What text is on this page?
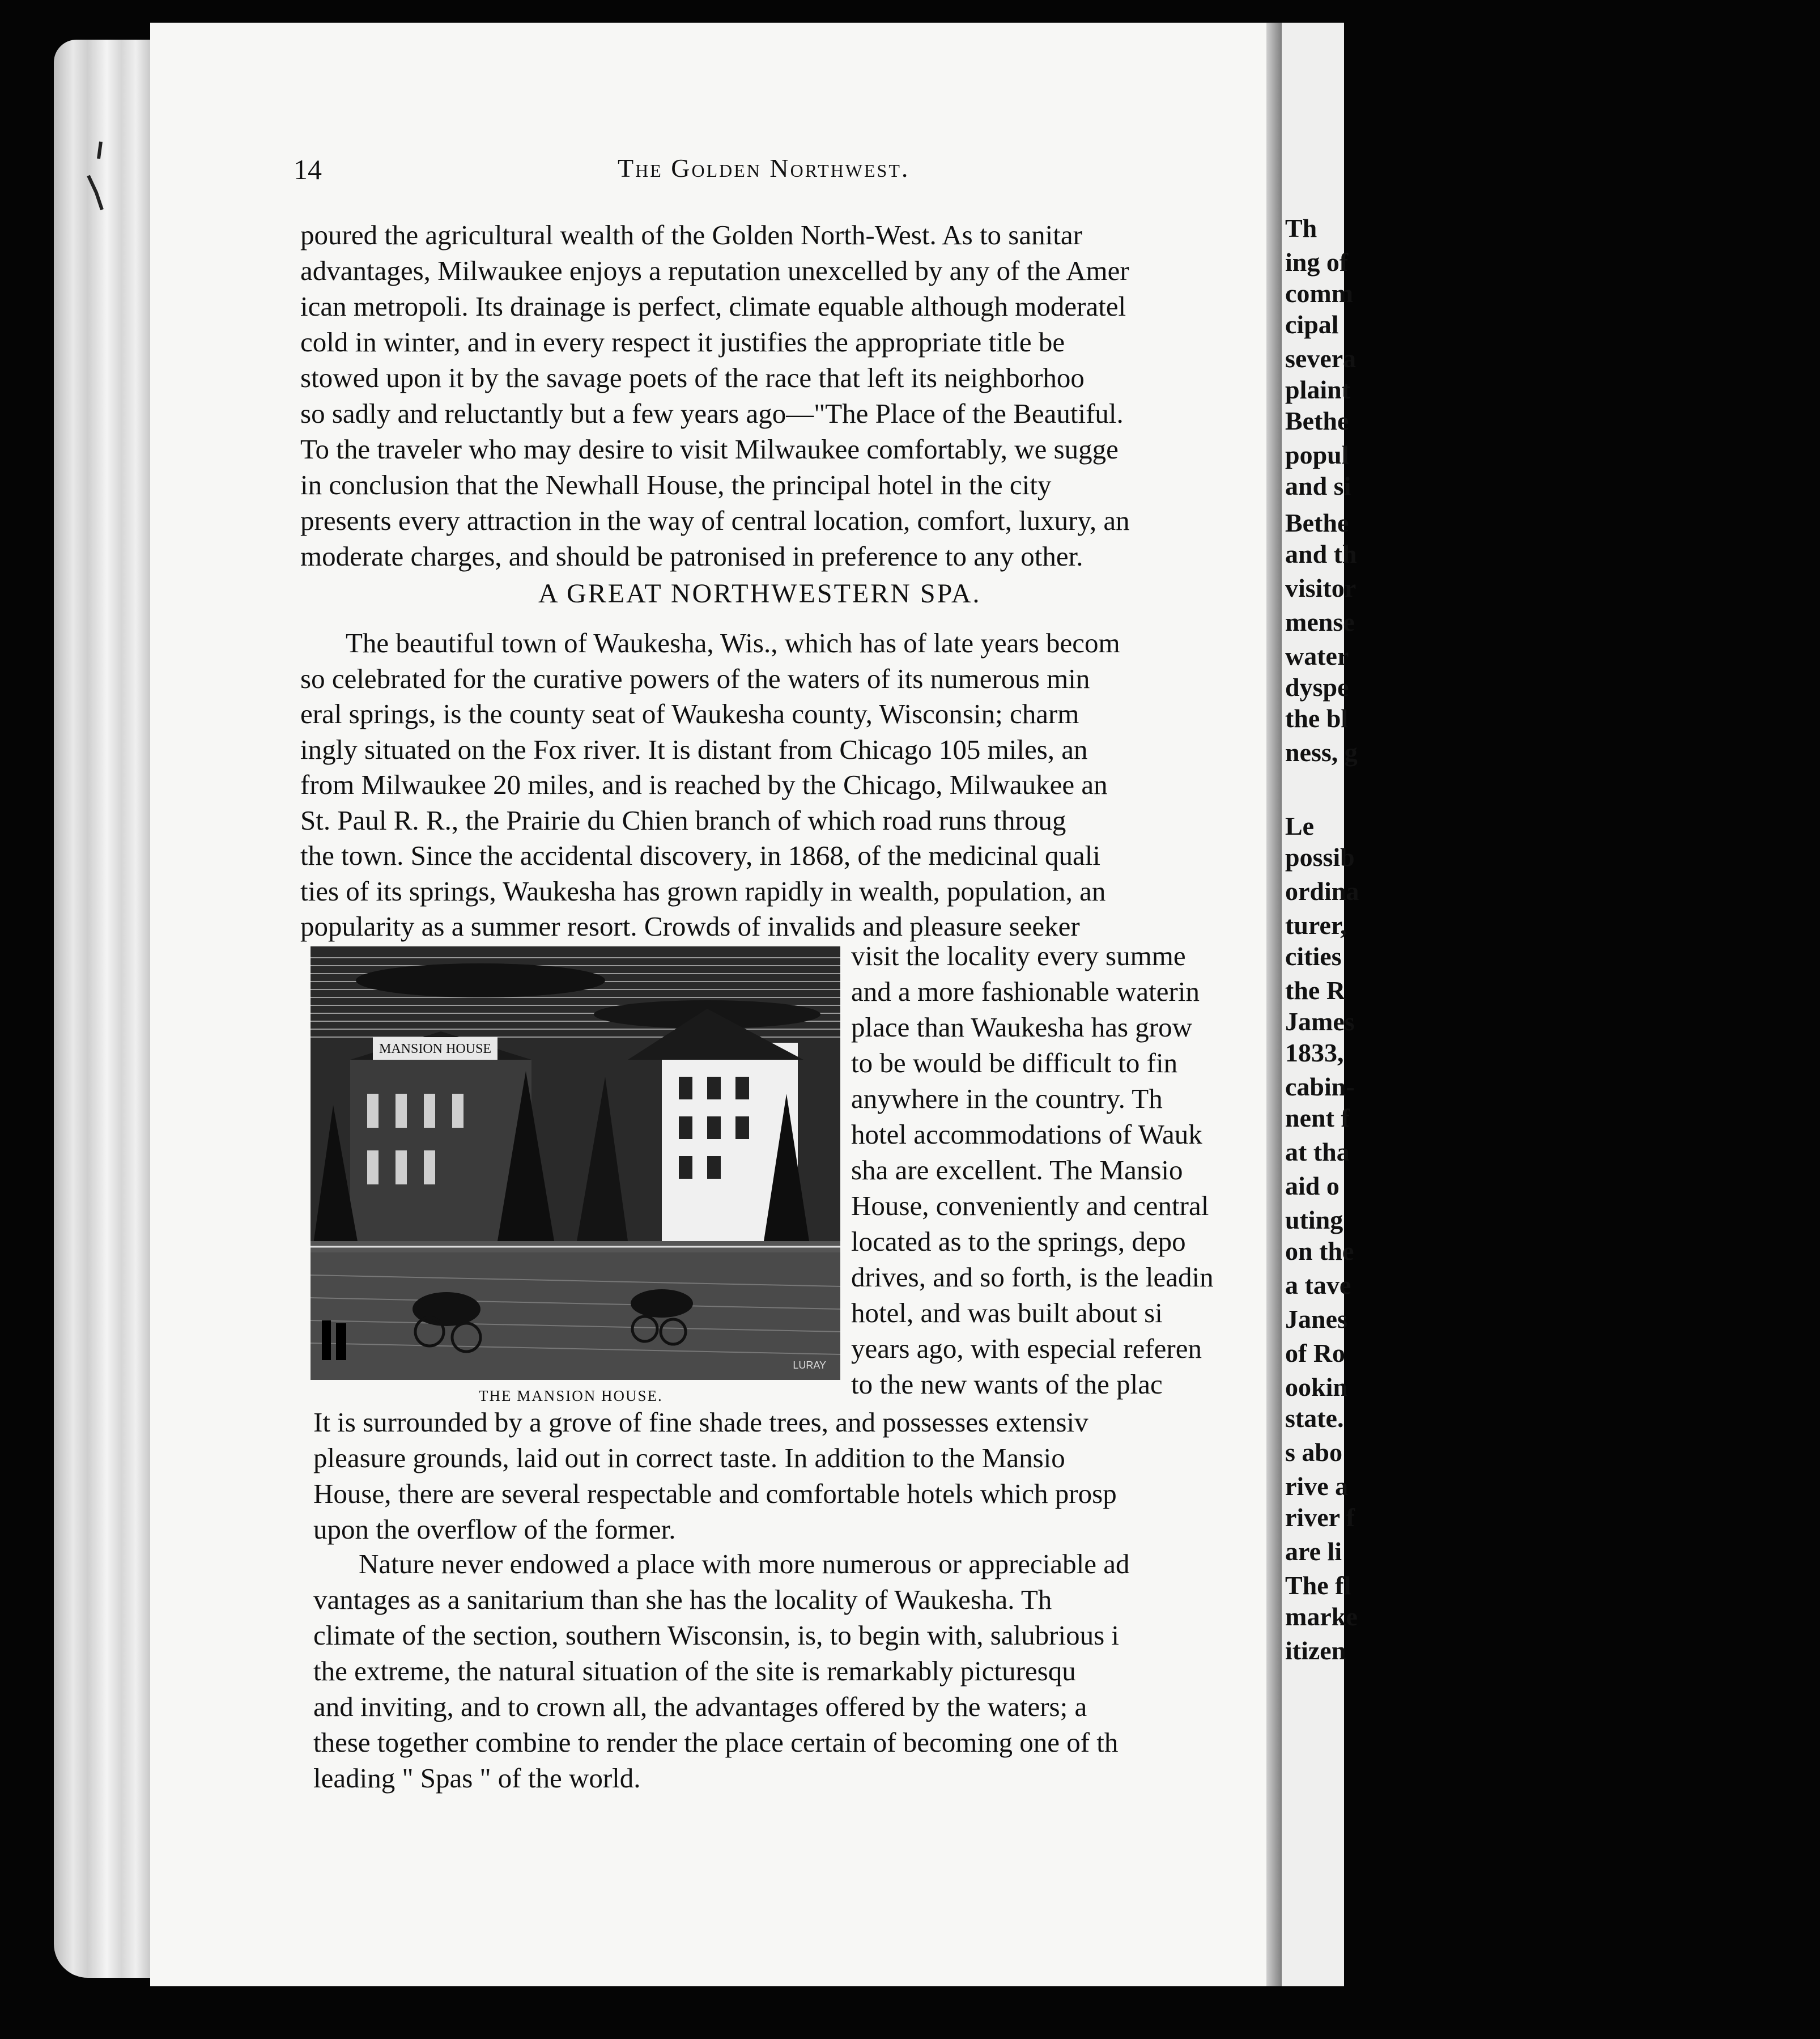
Th
ing of
comm
cipal
severa
plaint
Bethe
popul
and si
Bethe
and th
visitor
mense
water
dyspe
the bl
ness, g
Le
possib
ordina
turer,
cities
the R
James
1833,
cabin-
nent f
at tha
aid o
uting
on the
a tave
Janes
of Ro
ookin
state.
s abo
rive a
river f
are li
The fl
marke
itizen
14	The Golden Northwest.
poured the agricultural wealth of the Golden North-West. As to sanitar
advantages, Milwaukee enjoys a reputation unexcelled by any of the Amer
ican metropoli. Its drainage is perfect, climate equable although moderatel
cold in winter, and in every respect it justifies the appropriate title be
stowed upon it by the savage poets of the race that left its neighborhoo
so sadly and reluctantly but a few years ago—"The Place of the Beautiful.
To the traveler who may desire to visit Milwaukee comfortably, we sugge
in conclusion that the Newhall House, the principal hotel in the city
presents every attraction in the way of central location, comfort, luxury, an
moderate charges, and should be patronised in preference to any other.
A GREAT NORTHWESTERN SPA.
The beautiful town of Waukesha, Wis., which has of late years becom
so celebrated for the curative powers of the waters of its numerous min
eral springs, is the county seat of Waukesha county, Wisconsin; charm
ingly situated on the Fox river. It is distant from Chicago 105 miles, an
from Milwaukee 20 miles, and is reached by the Chicago, Milwaukee an
St. Paul R. R., the Prairie du Chien branch of which road runs throug
the town. Since the accidental discovery, in 1868, of the medicinal quali
ties of its springs, Waukesha has grown rapidly in wealth, population, an
popularity as a summer resort. Crowds of invalids and pleasure seeker
visit the locality every summe
and a more fashionable waterin
place than Waukesha has grow
to be would be difficult to fin
anywhere in the country. Th
hotel accommodations of Wauk
sha are excellent. The Mansio
House, conveniently and central
located as to the springs, depo
drives, and so forth, is the leadin
hotel, and was built about si
years ago, with especial referen
to the new wants of the plac
MANSION HOUSE
LURAY
THE MANSION HOUSE.
It is surrounded by a grove of fine shade trees, and possesses extensiv
pleasure grounds, laid out in correct taste. In addition to the Mansio
House, there are several respectable and comfortable hotels which prosp
upon the overflow of the former.
Nature never endowed a place with more numerous or appreciable ad
vantages as a sanitarium than she has the locality of Waukesha. Th
climate of the section, southern Wisconsin, is, to begin with, salubrious i
the extreme, the natural situation of the site is remarkably picturesqu
and inviting, and to crown all, the advantages offered by the waters; a
these together combine to render the place certain of becoming one of th
leading " Spas " of the world.
